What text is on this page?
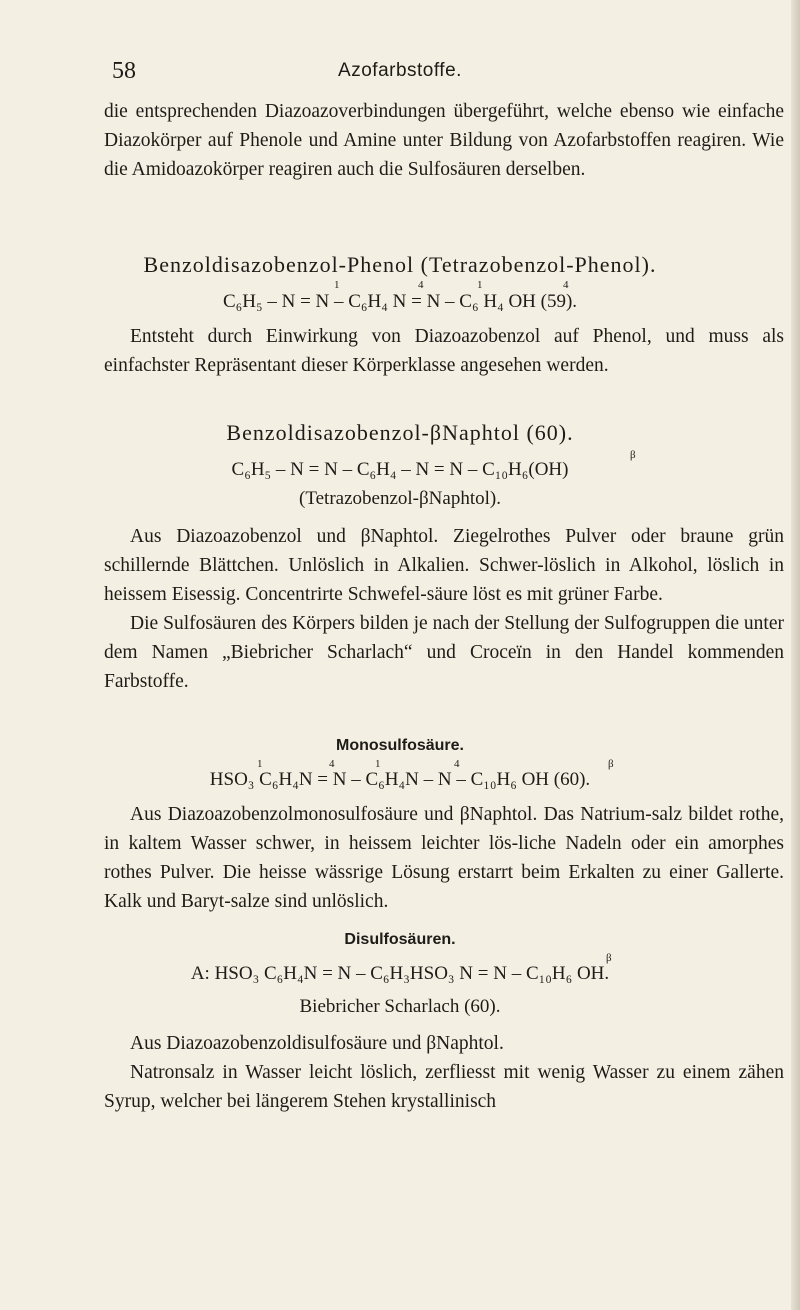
58	Azofarbstoffe.

die entsprechenden Diazoazoverbindungen übergeführt, welche ebenso wie einfache Diazokörper auf Phenole und Amine unter Bildung von Azofarbstoffen reagiren. Wie die Amidoazokörper reagiren auch die Sulfosäuren derselben.

Benzoldisazobenzol-Phenol (Tetrazobenzol-Phenol).
1	4	1	4
C₆H₅ – N = N – C₆H₄ N = N – C₆ H₄ OH (59).

Entsteht durch Einwirkung von Diazoazobenzol auf Phenol, und muss als einfachster Repräsentant dieser Körperklasse angesehen werden.

Benzoldisazobenzol-βNaphtol (60).
β
C₆H₅ – N = N – C₆H₄ – N = N – C₁₀H₆(OH)
(Tetrazobenzol-βNaphtol).

Aus Diazoazobenzol und βNaphtol. Ziegelrothes Pulver oder braune grün schillernde Blättchen. Unlöslich in Alkalien. Schwer-löslich in Alkohol, löslich in heissem Eisessig. Concentrirte Schwefel-säure löst es mit grüner Farbe.

Die Sulfosäuren des Körpers bilden je nach der Stellung der Sulfogruppen die unter dem Namen „Biebricher Scharlach“ und Croceïn in den Handel kommenden Farbstoffe.

Monosulfosäure.
1	4	1	4	β
HSO₃ C₆H₄N = N – C₆H₄N – N – C₁₀H₆ OH (60).

Aus Diazoazobenzolmonosulfosäure und βNaphtol. Das Natrium-salz bildet rothe, in kaltem Wasser schwer, in heissem leichter lös-liche Nadeln oder ein amorphes rothes Pulver. Die heisse wässrige Lösung erstarrt beim Erkalten zu einer Gallerte. Kalk und Baryt-salze sind unlöslich.

Disulfosäuren.
β
A: HSO₃ C₆H₄N = N – C₆H₃HSO₃ N = N – C₁₀H₆ OH.
Biebricher Scharlach (60).

Aus Diazoazobenzoldisulfosäure und βNaphtol.

Natronsalz in Wasser leicht löslich, zerfliesst mit wenig Wasser zu einem zähen Syrup, welcher bei längerem Stehen krystallinisch
